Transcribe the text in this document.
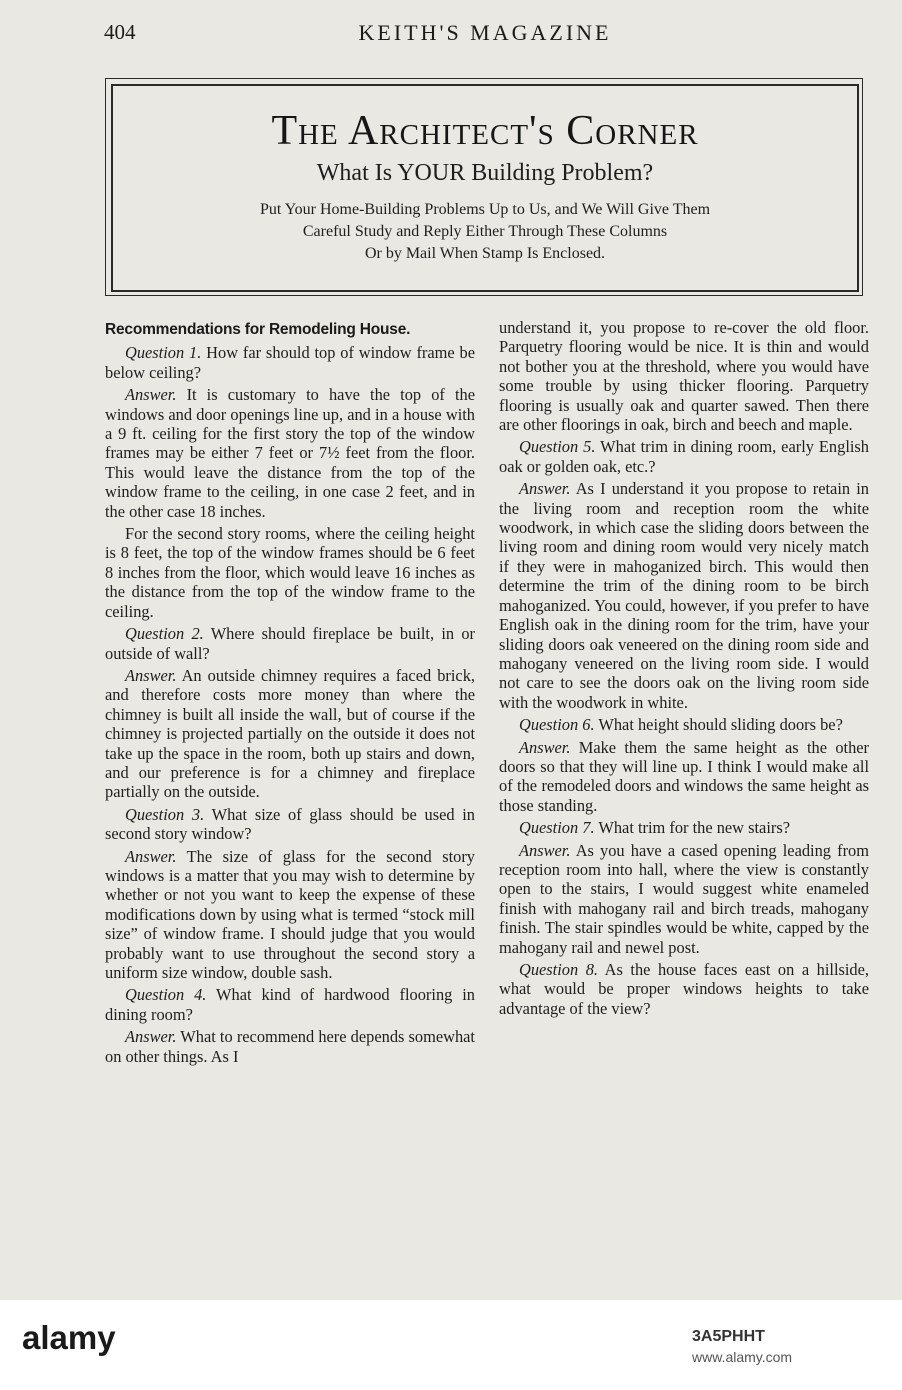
404	KEITH'S MAGAZINE
The Architect's Corner
What Is YOUR Building Problem?
Put Your Home-Building Problems Up to Us, and We Will Give Them
Careful Study and Reply Either Through These Columns
Or by Mail When Stamp Is Enclosed.
Recommendations for Remodeling House.

Question 1. How far should top of window frame be below ceiling?

Answer. It is customary to have the top of the windows and door openings line up, and in a house with a 9 ft. ceiling for the first story the top of the window frames may be either 7 feet or 7½ feet from the floor. This would leave the distance from the top of the window frame to the ceiling, in one case 2 feet, and in the other case 18 inches.

For the second story rooms, where the ceiling height is 8 feet, the top of the window frames should be 6 feet 8 inches from the floor, which would leave 16 inches as the distance from the top of the window frame to the ceiling.

Question 2. Where should fireplace be built, in or outside of wall?

Answer. An outside chimney requires a faced brick, and therefore costs more money than where the chimney is built all inside the wall, but of course if the chimney is projected partially on the outside it does not take up the space in the room, both up stairs and down, and our preference is for a chimney and fireplace partially on the outside.

Question 3. What size of glass should be used in second story window?

Answer. The size of glass for the second story windows is a matter that you may wish to determine by whether or not you want to keep the expense of these modifications down by using what is termed “stock mill size” of window frame. I should judge that you would probably want to use throughout the second story a uniform size window, double sash.

Question 4. What kind of hardwood flooring in dining room?

Answer. What to recommend here depends somewhat on other things. As I

understand it, you propose to re-cover the old floor. Parquetry flooring would be nice. It is thin and would not bother you at the threshold, where you would have some trouble by using thicker flooring. Parquetry flooring is usually oak and quarter sawed. Then there are other floorings in oak, birch and beech and maple.

Question 5. What trim in dining room, early English oak or golden oak, etc.?

Answer. As I understand it you propose to retain in the living room and reception room the white woodwork, in which case the sliding doors between the living room and dining room would very nicely match if they were in mahoganized birch. This would then determine the trim of the dining room to be birch mahoganized. You could, however, if you prefer to have English oak in the dining room for the trim, have your sliding doors oak veneered on the dining room side and mahogany veneered on the living room side. I would not care to see the doors oak on the living room side with the woodwork in white.

Question 6. What height should sliding doors be?

Answer. Make them the same height as the other doors so that they will line up. I think I would make all of the remodeled doors and windows the same height as those standing.

Question 7. What trim for the new stairs?

Answer. As you have a cased opening leading from reception room into hall, where the view is constantly open to the stairs, I would suggest white enameled finish with mahogany rail and birch treads, mahogany finish. The stair spindles would be white, capped by the mahogany rail and newel post.

Question 8. As the house faces east on a hillside, what would be proper windows heights to take advantage of the view?

alamy	3A5PHHT
www.alamy.com
